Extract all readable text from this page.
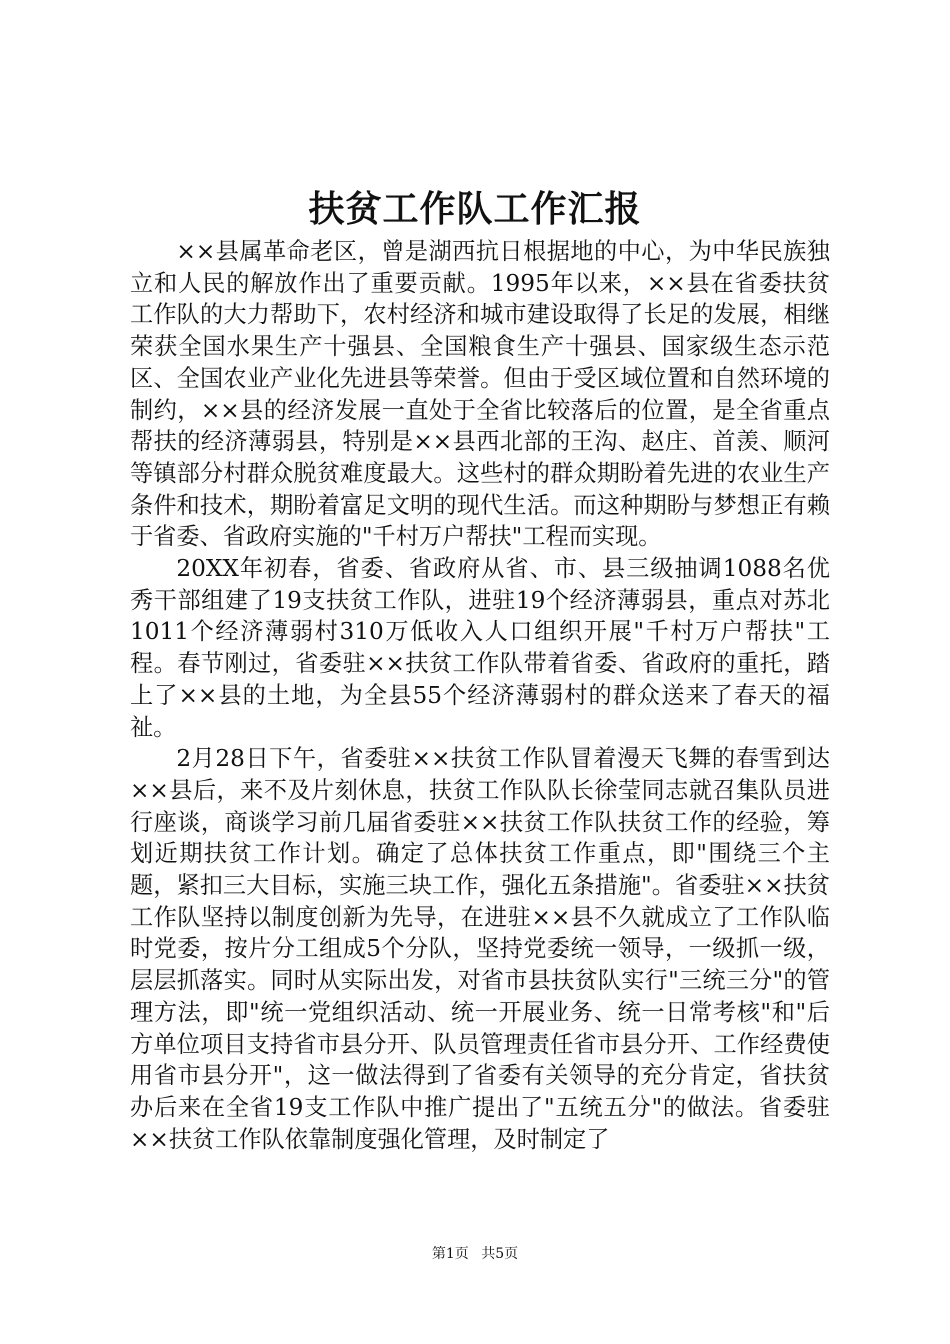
扶贫工作队工作汇报

××县属革命老区，曾是湖西抗日根据地的中心，为中华民族独立和人民的解放作出了重要贡献。1995年以来，××县在省委扶贫工作队的大力帮助下，农村经济和城市建设取得了长足的发展，相继荣获全国水果生产十强县、全国粮食生产十强县、国家级生态示范区、全国农业产业化先进县等荣誉。但由于受区域位置和自然环境的制约，××县的经济发展一直处于全省比较落后的位置，是全省重点帮扶的经济薄弱县，特别是××县西北部的王沟、赵庄、首羡、顺河等镇部分村群众脱贫难度最大。这些村的群众期盼着先进的农业生产条件和技术，期盼着富足文明的现代生活。而这种期盼与梦想正有赖于省委、省政府实施的"千村万户帮扶"工程而实现。

20XX年初春，省委、省政府从省、市、县三级抽调1088名优秀干部组建了19支扶贫工作队，进驻19个经济薄弱县，重点对苏北1011个经济薄弱村310万低收入人口组织开展"千村万户帮扶"工程。春节刚过，省委驻××扶贫工作队带着省委、省政府的重托，踏上了××县的土地，为全县55个经济薄弱村的群众送来了春天的福祉。

2月28日下午，省委驻××扶贫工作队冒着漫天飞舞的春雪到达××县后，来不及片刻休息，扶贫工作队队长徐莹同志就召集队员进行座谈，商谈学习前几届省委驻××扶贫工作队扶贫工作的经验，筹划近期扶贫工作计划。确定了总体扶贫工作重点，即"围绕三个主题，紧扣三大目标，实施三块工作，强化五条措施"。省委驻××扶贫工作队坚持以制度创新为先导，在进驻××县不久就成立了工作队临时党委，按片分工组成5个分队，坚持党委统一领导，一级抓一级，层层抓落实。同时从实际出发，对省市县扶贫队实行"三统三分"的管理方法，即"统一党组织活动、统一开展业务、统一日常考核"和"后方单位项目支持省市县分开、队员管理责任省市县分开、工作经费使用省市县分开"，这一做法得到了省委有关领导的充分肯定，省扶贫办后来在全省19支工作队中推广提出了"五统五分"的做法。省委驻××扶贫工作队依靠制度强化管理，及时制定了

第1页 共5页
